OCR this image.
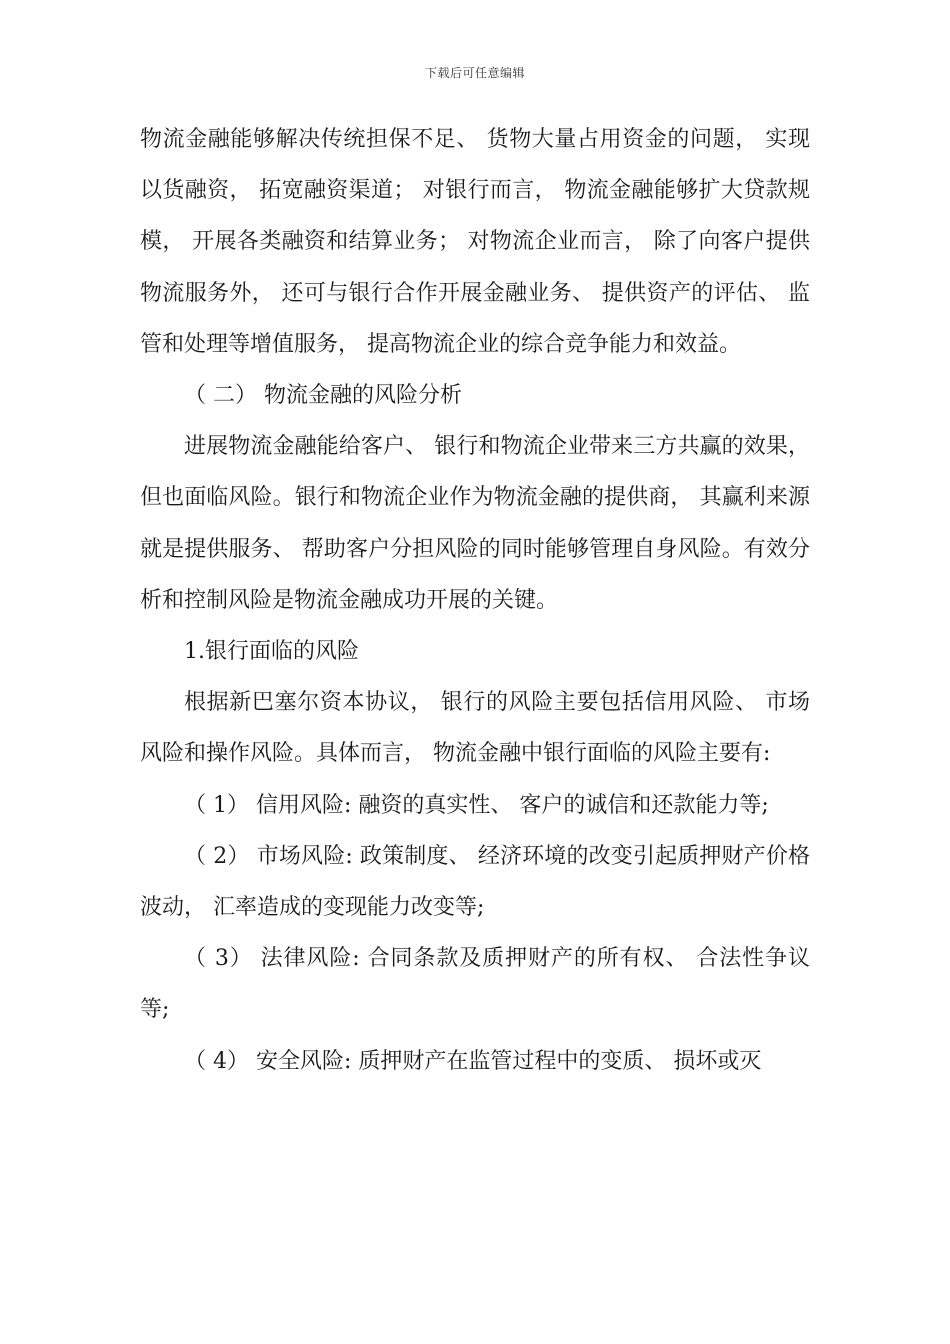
下载后可任意编辑

物流金融能够解决传统担保不足、 货物大量占用资金的问题， 实现以货融资， 拓宽融资渠道； 对银行而言， 物流金融能够扩大贷款规模， 开展各类融资和结算业务； 对物流企业而言， 除了向客户提供物流服务外， 还可与银行合作开展金融业务、 提供资产的评估、 监管和处理等增值服务， 提高物流企业的综合竞争能力和效益。

（ 二） 物流金融的风险分析

进展物流金融能给客户、 银行和物流企业带来三方共赢的效果， 但也面临风险。银行和物流企业作为物流金融的提供商， 其赢利来源就是提供服务、 帮助客户分担风险的同时能够管理自身风险。有效分析和控制风险是物流金融成功开展的关键。

1.银行面临的风险

根据新巴塞尔资本协议， 银行的风险主要包括信用风险、 市场风险和操作风险。具体而言， 物流金融中银行面临的风险主要有:

（ 1） 信用风险: 融资的真实性、 客户的诚信和还款能力等;

（ 2） 市场风险: 政策制度、 经济环境的改变引起质押财产价格波动， 汇率造成的变现能力改变等;

（ 3） 法律风险: 合同条款及质押财产的所有权、 合法性争议等;

（ 4） 安全风险: 质押财产在监管过程中的变质、 损坏或灭
